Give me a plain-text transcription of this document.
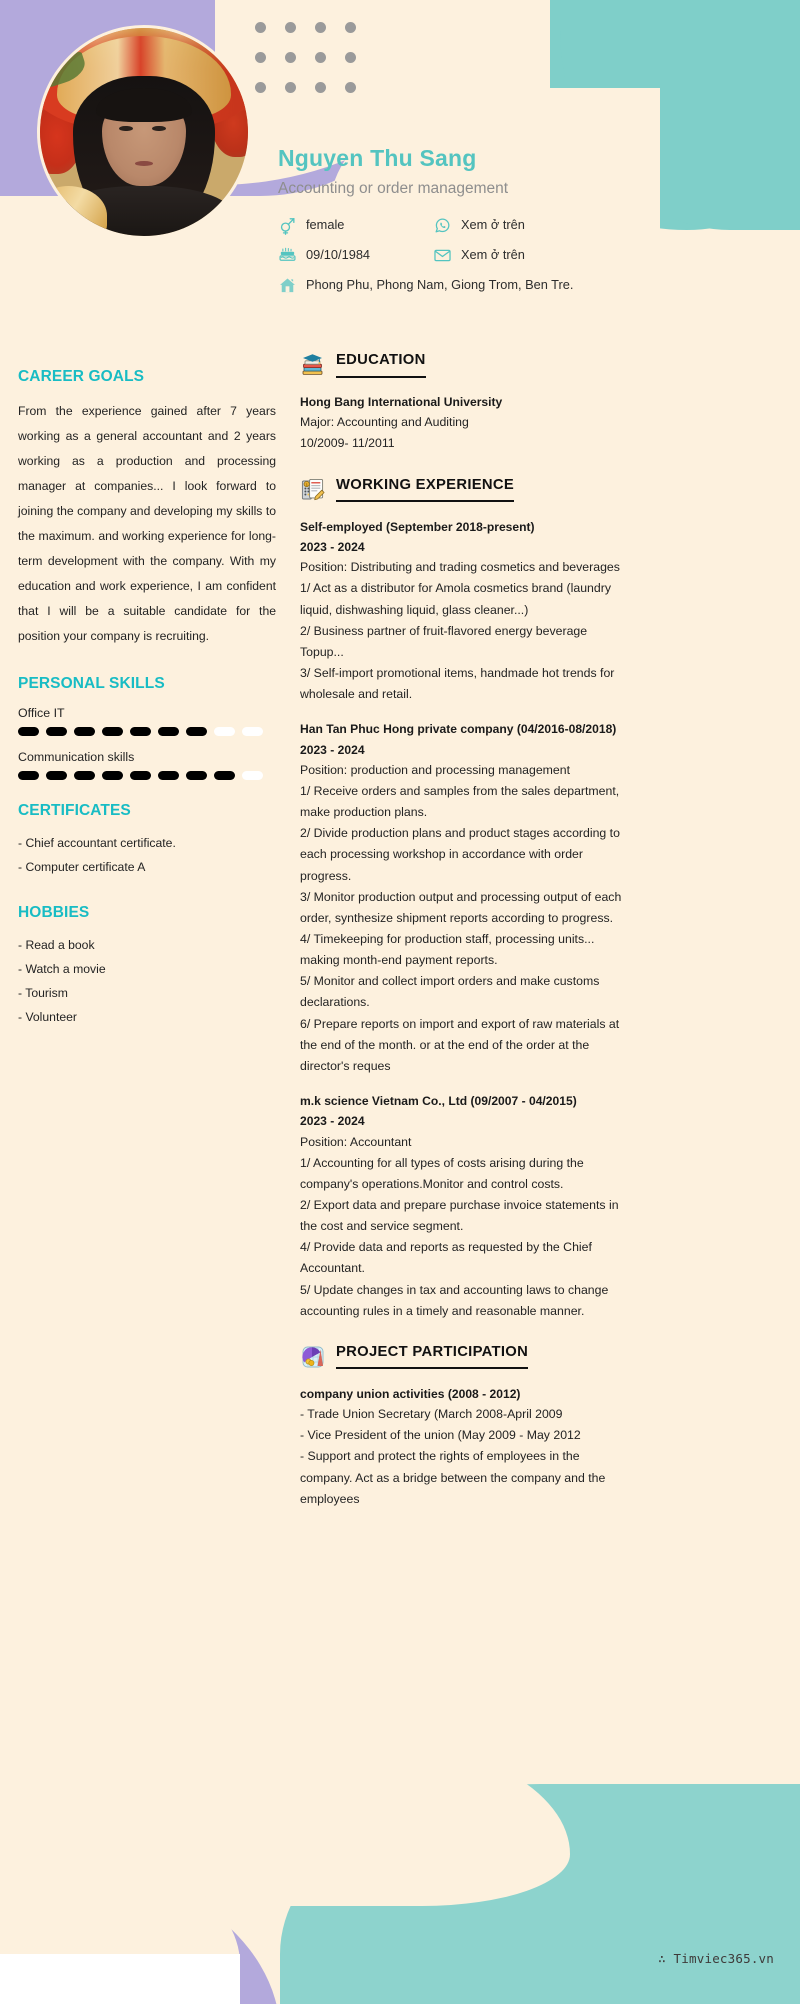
Nguyen Thu Sang
Accounting or order management
female	Xem ở trên
09/10/1984	Xem ở trên
Phong Phu, Phong Nam, Giong Trom, Ben Tre.
CAREER GOALS
From the experience gained after 7 years working as a general accountant and 2 years working as a production and processing manager at companies... I look forward to joining the company and developing my skills to the maximum. and working experience for long-term development with the company. With my education and work experience, I am confident that I will be a suitable candidate for the position your company is recruiting.
PERSONAL SKILLS
Office IT
Communication skills
CERTIFICATES
- Chief accountant certificate.
- Computer certificate A
HOBBIES
- Read a book
- Watch a movie
- Tourism
- Volunteer
EDUCATION
Hong Bang International University
Major: Accounting and Auditing
10/2009- 11/2011
$ WORKING EXPERIENCE
Self-employed (September 2018-present)
2023 - 2024
Position: Distributing and trading cosmetics and beverages
1/ Act as a distributor for Amola cosmetics brand (laundry liquid, dishwashing liquid, glass cleaner...)
2/ Business partner of fruit-flavored energy beverage Topup...
3/ Self-import promotional items, handmade hot trends for wholesale and retail.
Han Tan Phuc Hong private company (04/2016-08/2018)
2023 - 2024
Position: production and processing management
1/ Receive orders and samples from the sales department, make production plans.
2/ Divide production plans and product stages according to each processing workshop in accordance with order progress.
3/ Monitor production output and processing output of each order, synthesize shipment reports according to progress.
4/ Timekeeping for production staff, processing units... making month-end payment reports.
5/ Monitor and collect import orders and make customs declarations.
6/ Prepare reports on import and export of raw materials at the end of the month. or at the end of the order at the director's reques
m.k science Vietnam Co., Ltd (09/2007 - 04/2015)
2023 - 2024
Position: Accountant
1/ Accounting for all types of costs arising during the company's operations.Monitor and control costs.
2/ Export data and prepare purchase invoice statements in the cost and service segment.
4/ Provide data and reports as requested by the Chief Accountant.
5/ Update changes in tax and accounting laws to change accounting rules in a timely and reasonable manner.
PROJECT PARTICIPATION
company union activities (2008 - 2012)
- Trade Union Secretary (March 2008-April 2009
- Vice President of the union (May 2009 - May 2012
- Support and protect the rights of employees in the company. Act as a bridge between the company and the employees
∴ Timviec365.vn
